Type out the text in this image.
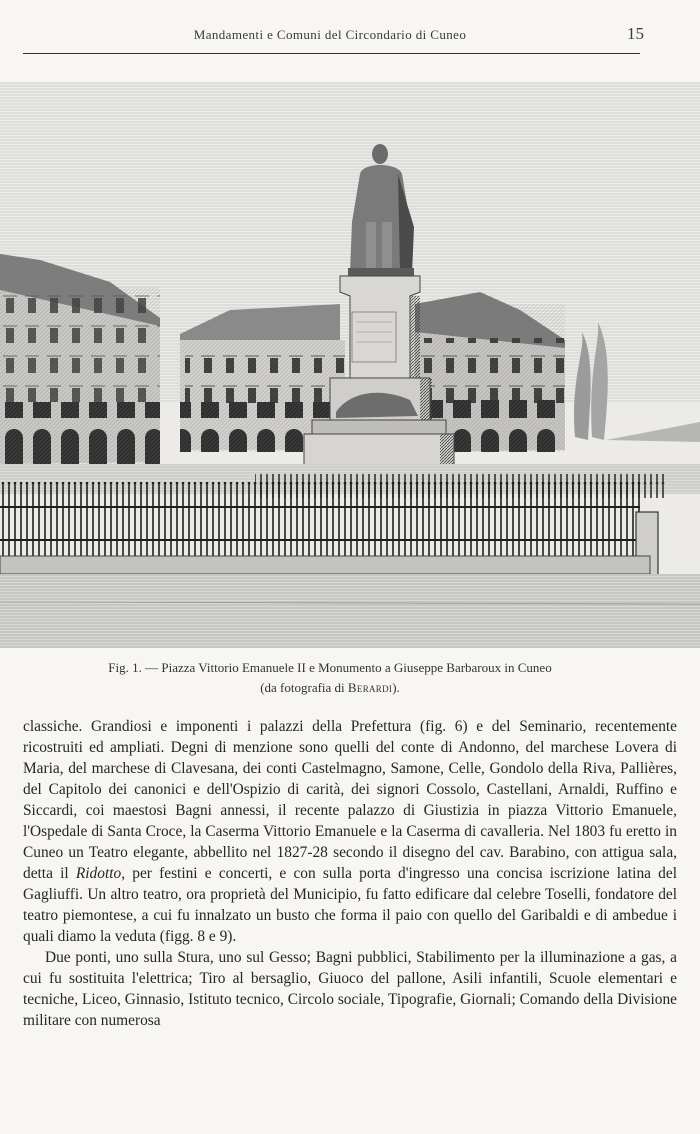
Mandamenti e Comuni del Circondario di Cuneo	15
Fig. 1. — Piazza Vittorio Emanuele II e Monumento a Giuseppe Barbaroux in Cuneo
(da fotografia di Berardi).

classiche. Grandiosi e imponenti i palazzi della Prefettura (fig. 6) e del Seminario, recentemente ricostruiti ed ampliati. Degni di menzione sono quelli del conte di Andonno, del marchese Lovera di Maria, del marchese di Clavesana, dei conti Castelmagno, Samone, Celle, Gondolo della Riva, Pallières, del Capitolo dei canonici e dell'Ospizio di carità, dei signori Cossolo, Castellani, Arnaldi, Ruffino e Siccardi, coi maestosi Bagni annessi, il recente palazzo di Giustizia in piazza Vittorio Emanuele, l'Ospedale di Santa Croce, la Caserma Vittorio Emanuele e la Caserma di cavalleria. Nel 1803 fu eretto in Cuneo un Teatro elegante, abbellito nel 1827-28 secondo il disegno del cav. Barabino, con attigua sala, detta il Ridotto, per festini e concerti, e con sulla porta d'ingresso una concisa iscrizione latina del Gagliuffi. Un altro teatro, ora proprietà del Municipio, fu fatto edificare dal celebre Toselli, fondatore del teatro piemontese, a cui fu innalzato un busto che forma il paio con quello del Garibaldi e di ambedue i quali diamo la veduta (figg. 8 e 9).

Due ponti, uno sulla Stura, uno sul Gesso; Bagni pubblici, Stabilimento per la illuminazione a gas, a cui fu sostituita l'elettrica; Tiro al bersaglio, Giuoco del pallone, Asili infantili, Scuole elementari e tecniche, Liceo, Ginnasio, Istituto tecnico, Circolo sociale, Tipografie, Giornali; Comando della Divisione militare con numerosa
